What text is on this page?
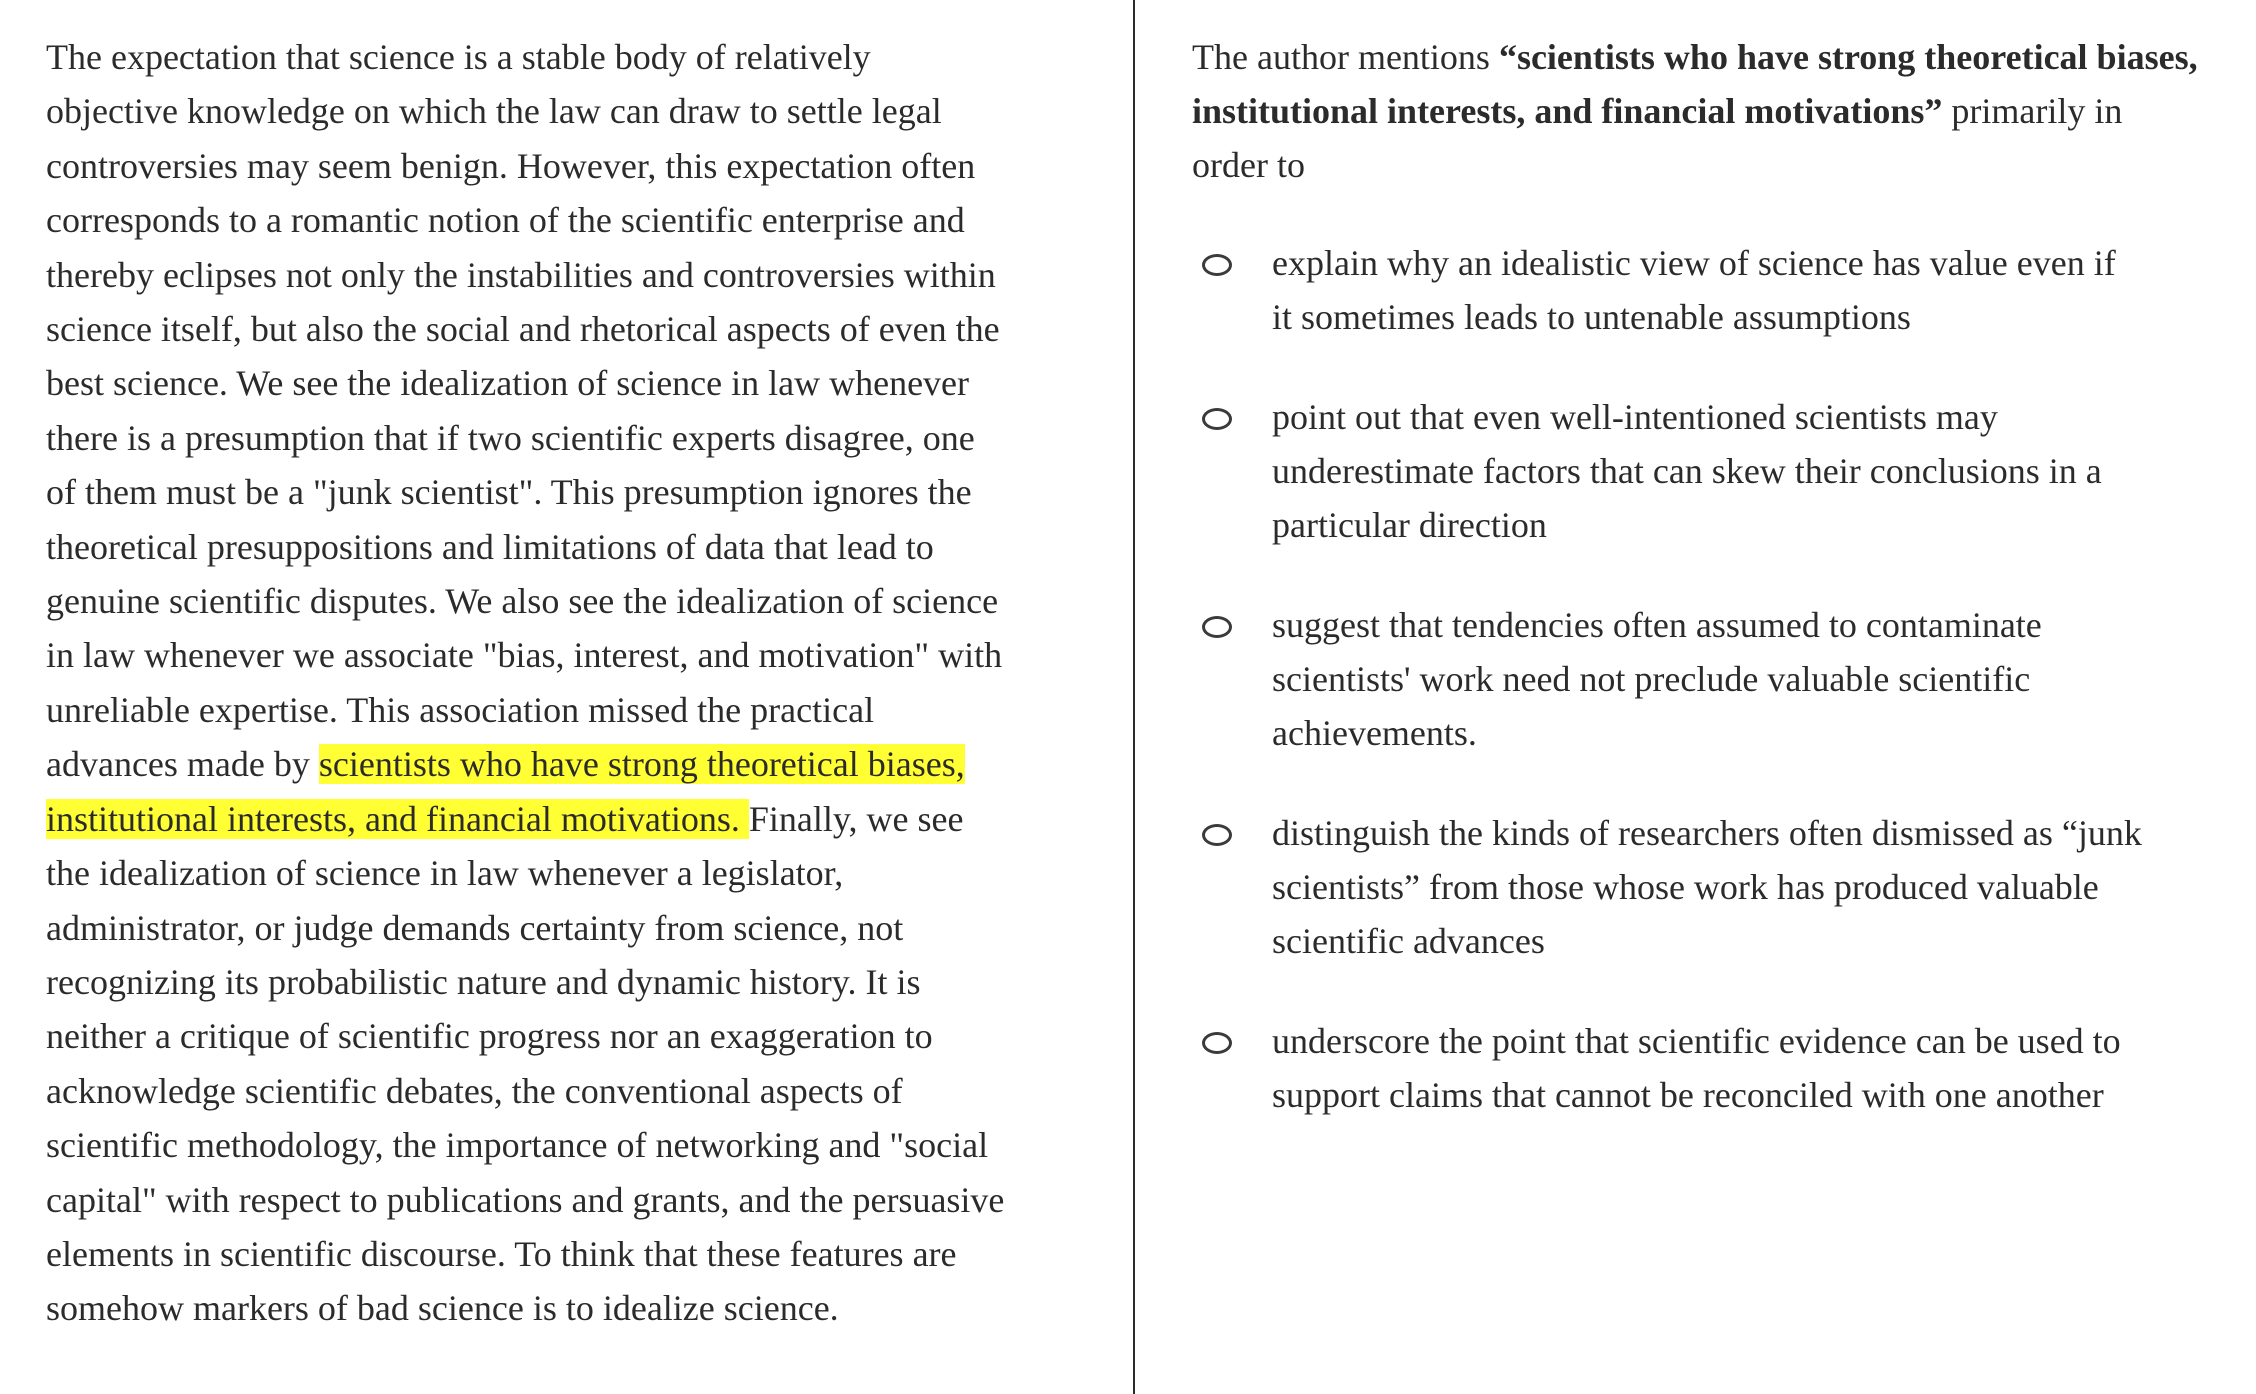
The expectation that science is a stable body of relatively
objective knowledge on which the law can draw to settle legal
controversies may seem benign. However, this expectation often
corresponds to a romantic notion of the scientific enterprise and
thereby eclipses not only the instabilities and controversies within
science itself, but also the social and rhetorical aspects of even the
best science. We see the idealization of science in law whenever
there is a presumption that if two scientific experts disagree, one
of them must be a "junk scientist". This presumption ignores the
theoretical presuppositions and limitations of data that lead to
genuine scientific disputes. We also see the idealization of science
in law whenever we associate "bias, interest, and motivation" with
unreliable expertise. This association missed the practical
advances made by scientists who have strong theoretical biases,
institutional interests, and financial motivations. Finally, we see
the idealization of science in law whenever a legislator,
administrator, or judge demands certainty from science, not
recognizing its probabilistic nature and dynamic history. It is
neither a critique of scientific progress nor an exaggeration to
acknowledge scientific debates, the conventional aspects of
scientific methodology, the importance of networking and "social
capital" with respect to publications and grants, and the persuasive
elements in scientific discourse. To think that these features are
somehow markers of bad science is to idealize science.

The author mentions “scientists who have strong theoretical biases, institutional interests, and financial motivations” primarily in order to

explain why an idealistic view of science has value even if it sometimes leads to untenable assumptions
point out that even well-intentioned scientists may underestimate factors that can skew their conclusions in a particular direction
suggest that tendencies often assumed to contaminate scientists' work need not preclude valuable scientific achievements.
distinguish the kinds of researchers often dismissed as “junk scientists” from those whose work has produced valuable scientific advances
underscore the point that scientific evidence can be used to support claims that cannot be reconciled with one another
